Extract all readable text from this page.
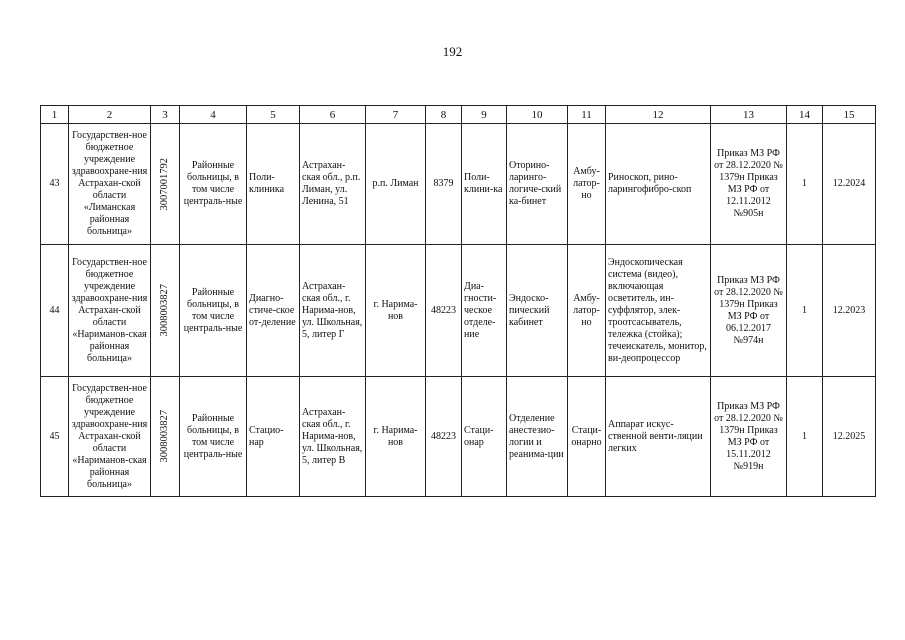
192
1	2	3	4	5	6	7	8	9	10	11	12	13	14	15
43	Государствен-ное бюджетное учреждение здравоохране-ния Астрахан-ской области «Лиманская районная больница»	3007001792	Районные больницы, в том числе централь-ные	Поли-клиника	Астрахан-ская обл., р.п. Лиман, ул. Ленина, 51	р.п. Лиман	8379	Поли-клини-ка	Оторино-ларинго-логиче-ский ка-бинет	Амбу-латор-но	Риноскоп, рино-ларингофибро-скоп	Приказ МЗ РФ от 28.12.2020 № 1379н Приказ МЗ РФ от 12.11.2012 №905н	1	12.2024
44	Государствен-ное бюджетное учреждение здравоохране-ния Астрахан-ской области «Нариманов-ская районная больница»	3008003827	Районные больницы, в том числе централь-ные	Диагно-стиче-ское от-деление	Астрахан-ская обл., г. Нарима-нов, ул. Школьная, 5, литер Г	г. Нарима-нов	48223	Диа-гности-ческое отделе-ние	Эндоско-пический кабинет	Амбу-латор-но	Эндоскопическая система (видео), включающая осветитель, ин-суффлятор, элек-троотсасыватель, тележка (стойка); течеискатель, монитор, ви-деопроцессор	Приказ МЗ РФ от 28.12.2020 № 1379н Приказ МЗ РФ от 06.12.2017 №974н	1	12.2023
45	Государствен-ное бюджетное учреждение здравоохране-ния Астрахан-ской области «Нариманов-ская районная больница»	3008003827	Районные больницы, в том числе централь-ные	Стацио-нар	Астрахан-ская обл., г. Нарима-нов, ул. Школьная, 5, литер В	г. Нарима-нов	48223	Стаци-онар	Отделение анестезио-логии и реанима-ции	Стаци-онарно	Аппарат искус-ственной венти-ляции легких	Приказ МЗ РФ от 28.12.2020 № 1379н Приказ МЗ РФ от 15.11.2012 №919н	1	12.2025
